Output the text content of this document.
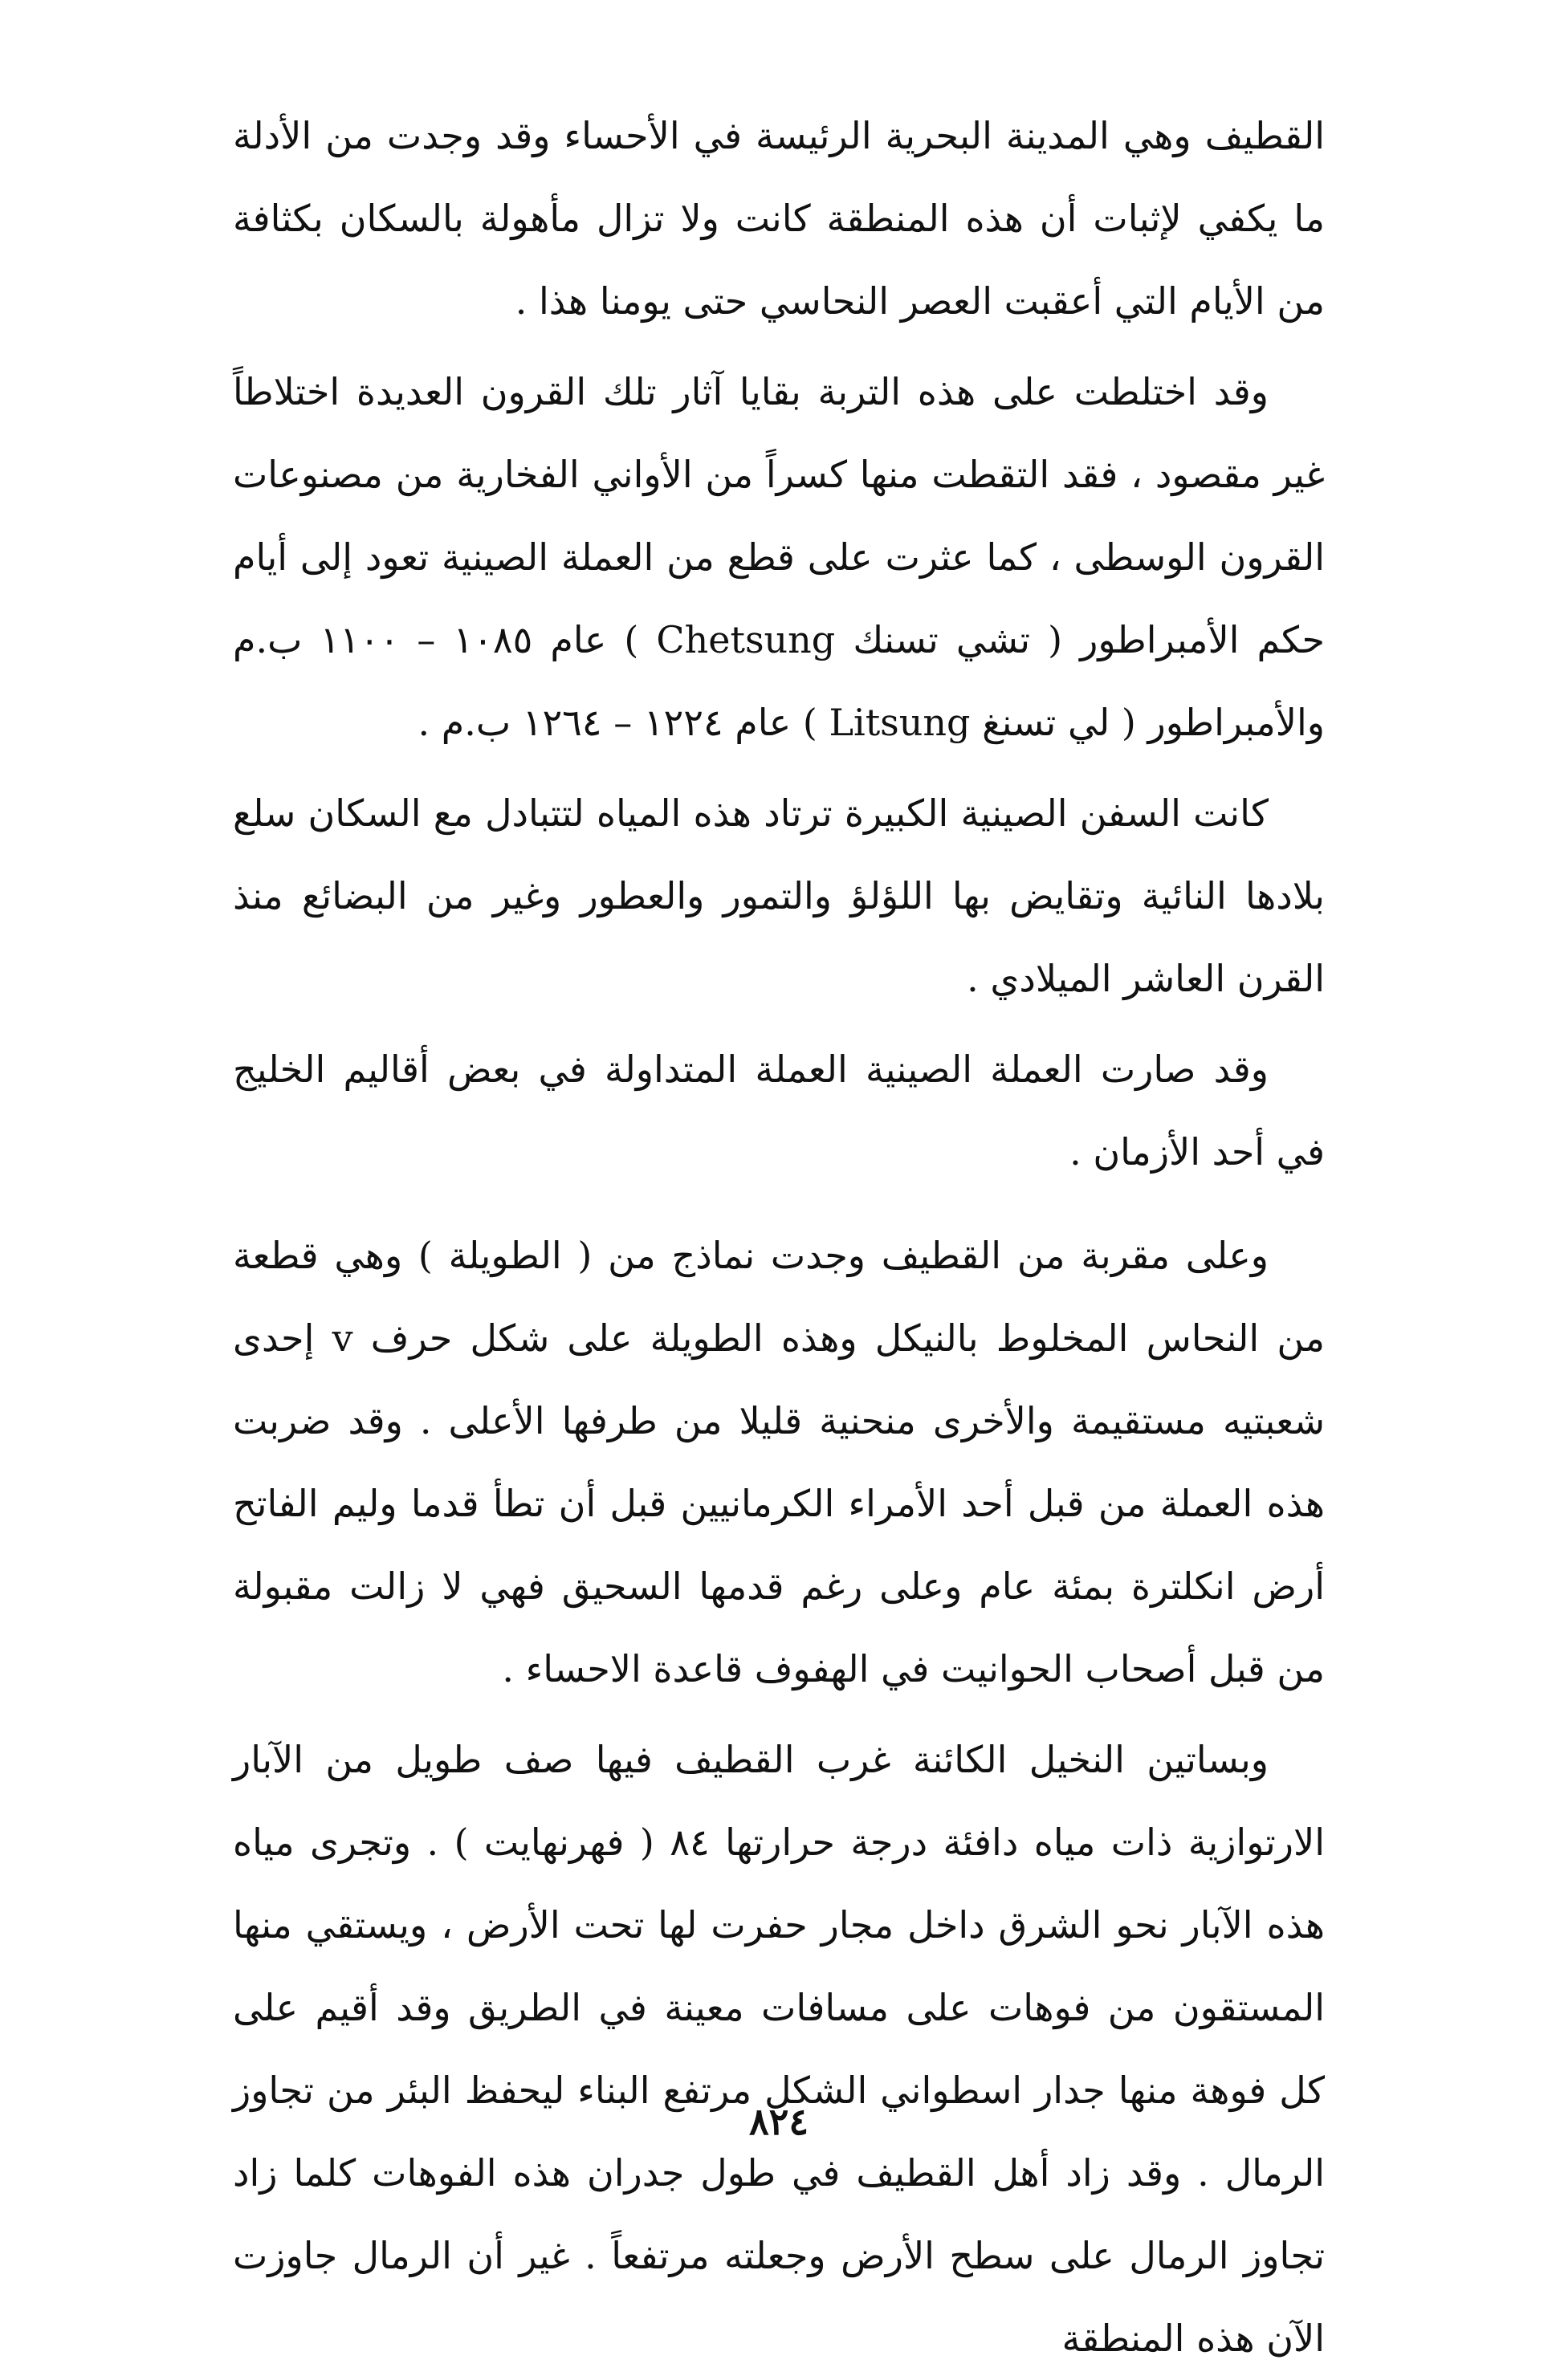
القطيف وهي المدينة البحرية الرئيسة في الأحساء وقد وجدت من الأدلة ما يكفي لإثبات أن هذه المنطقة كانت ولا تزال مأهولة بالسكان بكثافة من الأيام التي أعقبت العصر النحاسي حتى يومنا هذا .

وقد اختلطت على هذه التربة بقايا آثار تلك القرون العديدة اختلاطاً غير مقصود ، فقد التقطت منها كسراً من الأواني الفخارية من مصنوعات القرون الوسطى ، كما عثرت على قطع من العملة الصينية تعود إلى أيام حكم الأمبراطور ( تشي تسنك Chetsung ) عام ١٠٨٥ – ١١٠٠ ب.م والأمبراطور ( لي تسنغ Litsung ) عام ١٢٢٤ – ١٢٦٤ ب.م .

كانت السفن الصينية الكبيرة ترتاد هذه المياه لتتبادل مع السكان سلع بلادها النائية وتقايض بها اللؤلؤ والتمور والعطور وغير من البضائع منذ القرن العاشر الميلادي .

وقد صارت العملة الصينية العملة المتداولة في بعض أقاليم الخليج في أحد الأزمان .

وعلى مقربة من القطيف وجدت نماذج من ( الطويلة ) وهي قطعة من النحاس المخلوط بالنيكل وهذه الطويلة على شكل حرف v إحدى شعبتيه مستقيمة والأخرى منحنية قليلا من طرفها الأعلى . وقد ضربت هذه العملة من قبل أحد الأمراء الكرمانيين قبل أن تطأ قدما وليم الفاتح أرض انكلترة بمئة عام وعلى رغم قدمها السحيق فهي لا زالت مقبولة من قبل أصحاب الحوانيت في الهفوف قاعدة الاحساء .

وبساتين النخيل الكائنة غرب القطيف فيها صف طويل من الآبار الارتوازية ذات مياه دافئة درجة حرارتها ٨٤ ( فهرنهايت ) . وتجرى مياه هذه الآبار نحو الشرق داخل مجار حفرت لها تحت الأرض ، ويستقي منها المستقون من فوهات على مسافات معينة في الطريق وقد أقيم على كل فوهة منها جدار اسطواني الشكل مرتفع البناء ليحفظ البئر من تجاوز الرمال . وقد زاد أهل القطيف في طول جدران هذه الفوهات كلما زاد تجاوز الرمال على سطح الأرض وجعلته مرتفعاً . غير أن الرمال جاوزت الآن هذه المنطقة

٨٢٤
